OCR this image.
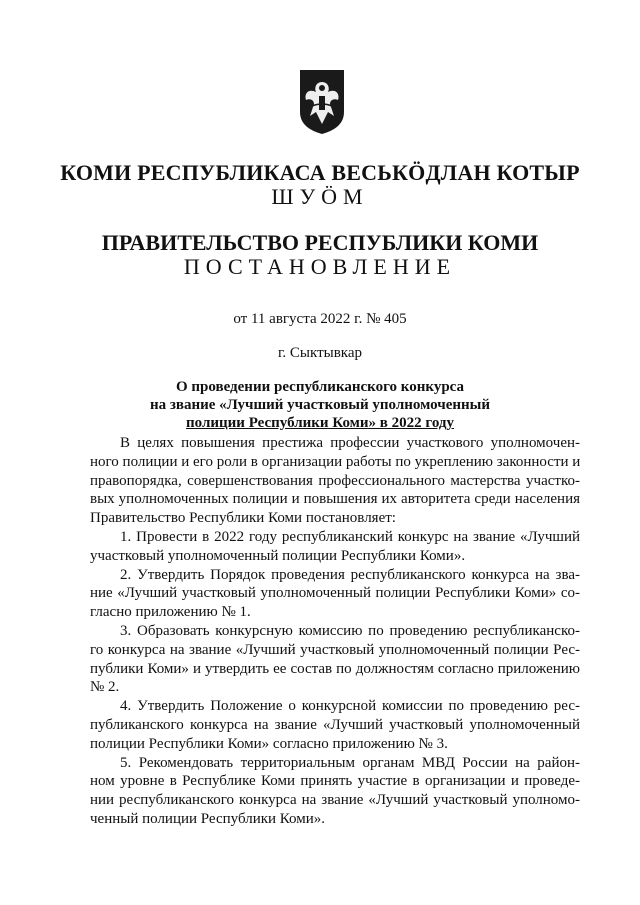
КОМИ РЕСПУБЛИКАСА ВЕСЬКӦДЛАН КОТЫР
ШУӦМ
ПРАВИТЕЛЬСТВО РЕСПУБЛИКИ КОМИ
ПОСТАНОВЛЕНИЕ
от 11 августа 2022 г. № 405
г. Сыктывкар
О проведении республиканского конкурса
на звание «Лучший участковый уполномоченный
полиции Республики Коми» в 2022 году
В целях повышения престижа профессии участкового уполномочен-
ного полиции и его роли в организации работы по укреплению законности и
правопорядка, совершенствования профессионального мастерства участко-
вых уполномоченных полиции и повышения их авторитета среди населения
Правительство Республики Коми постановляет:
1. Провести в 2022 году республиканский конкурс на звание «Лучший
участковый уполномоченный полиции Республики Коми».
2. Утвердить Порядок проведения республиканского конкурса на зва-
ние «Лучший участковый уполномоченный полиции Республики Коми» со-
гласно приложению № 1.
3. Образовать конкурсную комиссию по проведению республиканско-
го конкурса на звание «Лучший участковый уполномоченный полиции Рес-
публики Коми» и утвердить ее состав по должностям согласно приложению
№ 2.
4. Утвердить Положение о конкурсной комиссии по проведению рес-
публиканского конкурса на звание «Лучший участковый уполномоченный
полиции Республики Коми» согласно приложению № 3.
5. Рекомендовать территориальным органам МВД России на район-
ном уровне в Республике Коми принять участие в организации и проведе-
нии республиканского конкурса на звание «Лучший участковый уполномо-
ченный полиции Республики Коми».
